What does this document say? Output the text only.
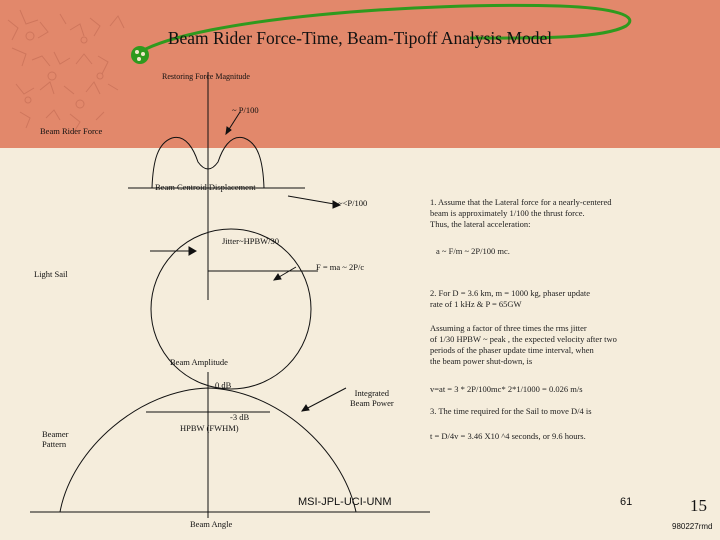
Beam Rider Force-Time, Beam-Tipoff Analysis Model
Restoring Force Magnitude
~ P/100
Beam Rider Force
Beam Centroid Displacement
~<P/100
Jitter~HPBW/30
Light Sail
F = ma ~ 2P/c
Beam Amplitude
0 dB
Integrated
Beam Power
-3 dB
HPBW (FWHM)
Beamer
Pattern
Beam Angle
1. Assume that the Lateral force for a nearly-centered
beam is approximately 1/100 the thrust force.
Thus, the lateral acceleration:
a ~ F/m ~ 2P/100 mc.
2. For D = 3.6 km, m = 1000 kg, phaser update
rate of 1 kHz & P = 65GW
Assuming a factor of three times the rms jitter
of 1/30 HPBW ~ peak , the expected velocity after two
periods of the phaser update time interval, when
the beam power shut-down, is
v=at = 3 * 2P/100mc* 2*1/1000 = 0.026 m/s
3. The time required for the Sail to move D/4 is
t = D/4v = 3.46 X10 ^4 seconds, or 9.6 hours.
MSI-JPL-UCI-UNM	61	15
980227rmd
